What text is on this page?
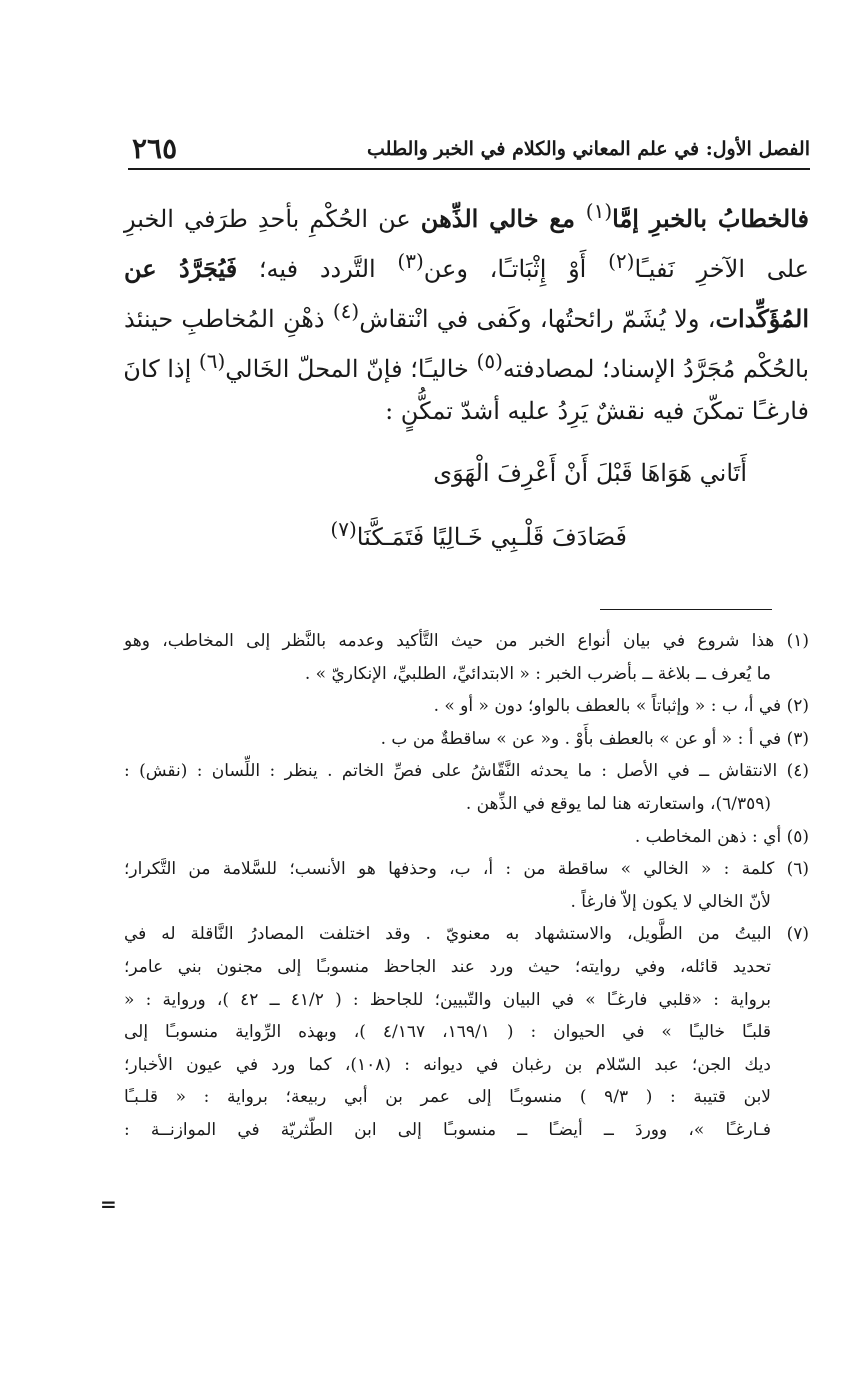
الفصل الأول: في علم المعاني والكلام في الخبر والطلب
٢٦٥
فالخطابُ بالخبرِ إمَّا$^{(١)}$ مع خالي الذِّهن عن الحُكْمِ بأحدِ طرَفي الخبرِ
على الآخرِ نَفيـًا$^{(٢)}$ أَوْ إِثْبَاتـًا، وعن$^{(٣)}$ التَّردد فيه؛ فَيُجَرَّدُ عن
المُؤَكِّدات، ولا يُشَمّ رائحتُها، وكَفى في انْتقاش$^{(٤)}$ ذهْنِ المُخاطبِ حينئذ
بالحُكْم مُجَرَّدُ الإسناد؛ لمصادفته$^{(٥)}$ خاليـًا؛ فإنّ المحلّ الخَالي$^{(٦)}$ إذا كانَ
فارغـًا تمكّنَ فيه نقشٌ يَرِدُ عليه أشدّ تمكُّنٍ :
أَتَاني هَوَاهَا قَبْلَ أَنْ أَعْرِفَ الْهَوَى
فَصَادَفَ قَلْـبِي خَـالِيًا فَتَمَـكَّنَا$^{(٧)}$
(١) هذا شروع في بيان أنواع الخبر من حيث التَّأكيد وعدمه بالنَّظر إلى المخاطب، وهو
ما يُعرف ــ بلاغة ــ بأضرب الخبر : « الابتدائيِّ، الطلبيِّ، الإنكاريّ » .
(٢) في أ، ب : « وإثباتاً » بالعطف بالواو؛ دون « أو » .
(٣) في أ : « أو عن » بالعطف بأَوْ . و« عن » ساقطةٌ من ب .
(٤) الانتقاش ــ في الأصل : ما يحدثه النَّقّاشُ على فصِّ الخاتم . ينظر : اللِّسان : (نقش) :
(٦/٣٥٩)، واستعارته هنا لما يوقع في الذِّهن .
(٥) أي : ذهن المخاطب .
(٦) كلمة : « الخالي » ساقطة من : أ، ب، وحذفها هو الأنسب؛ للسَّلامة من التَّكرار؛
لأنّ الخالي لا يكون إلاّ فارغاً .
(٧) البيتُ من الطَّويل، والاستشهاد به معنويّ . وقد اختلفت المصادرُ النَّاقلة له في
تحديد قائله، وفي روايته؛ حيث ورد عند الجاحظ منسوبـًا إلى مجنون بني عامر؛
برواية : «قلبي فارغـًا » في البيان والتّبيين؛ للجاحظ : ( ٤١/٢ ــ ٤٢ )، ورواية : «
قلبـًا خاليـًا » في الحيوان : ( ١٦٩/١، ٤/١٦٧ )، وبهذه الرِّواية منسوبـًا إلى
ديك الجن؛ عبد السّلام بن رغبان في ديوانه : (١٠٨)، كما ورد في عيون الأخبار؛
لابن قتيبة : ( ٩/٣ ) منسوبـًا إلى عمر بن أبي ربيعة؛ برواية : « قلـبـًا
فـارغـًا »، ووردَ ــ أيضـًا ــ منسوبـًا إلى ابن الطّثريّة في الموازنــة :
=
